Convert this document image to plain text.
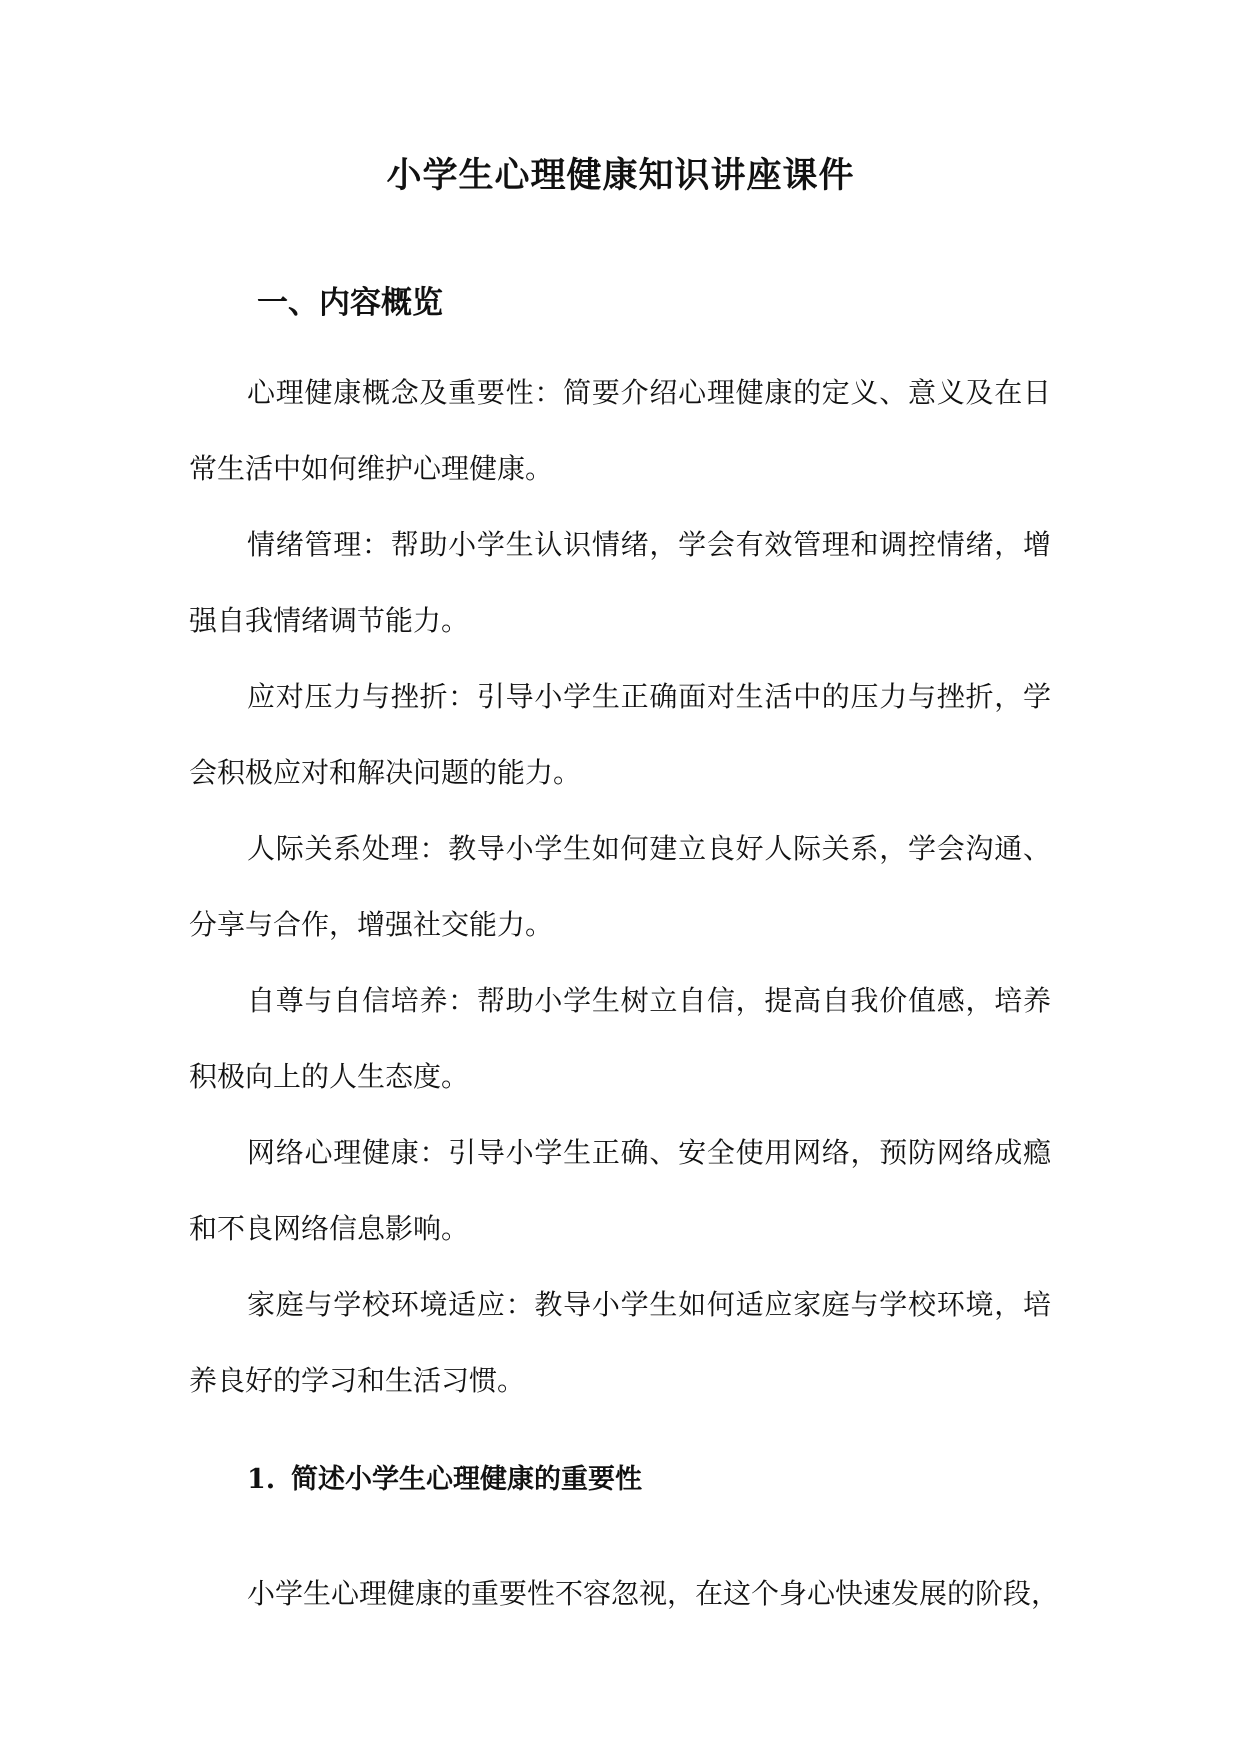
小学生心理健康知识讲座课件
一、内容概览

心理健康概念及重要性：简要介绍心理健康的定义、意义及在日
常生活中如何维护心理健康。

情绪管理：帮助小学生认识情绪，学会有效管理和调控情绪，增
强自我情绪调节能力。

应对压力与挫折：引导小学生正确面对生活中的压力与挫折，学
会积极应对和解决问题的能力。

人际关系处理：教导小学生如何建立良好人际关系，学会沟通、
分享与合作，增强社交能力。

自尊与自信培养：帮助小学生树立自信，提高自我价值感，培养
积极向上的人生态度。

网络心理健康：引导小学生正确、安全使用网络，预防网络成瘾
和不良网络信息影响。

家庭与学校环境适应：教导小学生如何适应家庭与学校环境，培
养良好的学习和生活习惯。

1. 简述小学生心理健康的重要性

小学生心理健康的重要性不容忽视，在这个身心快速发展的阶段，
